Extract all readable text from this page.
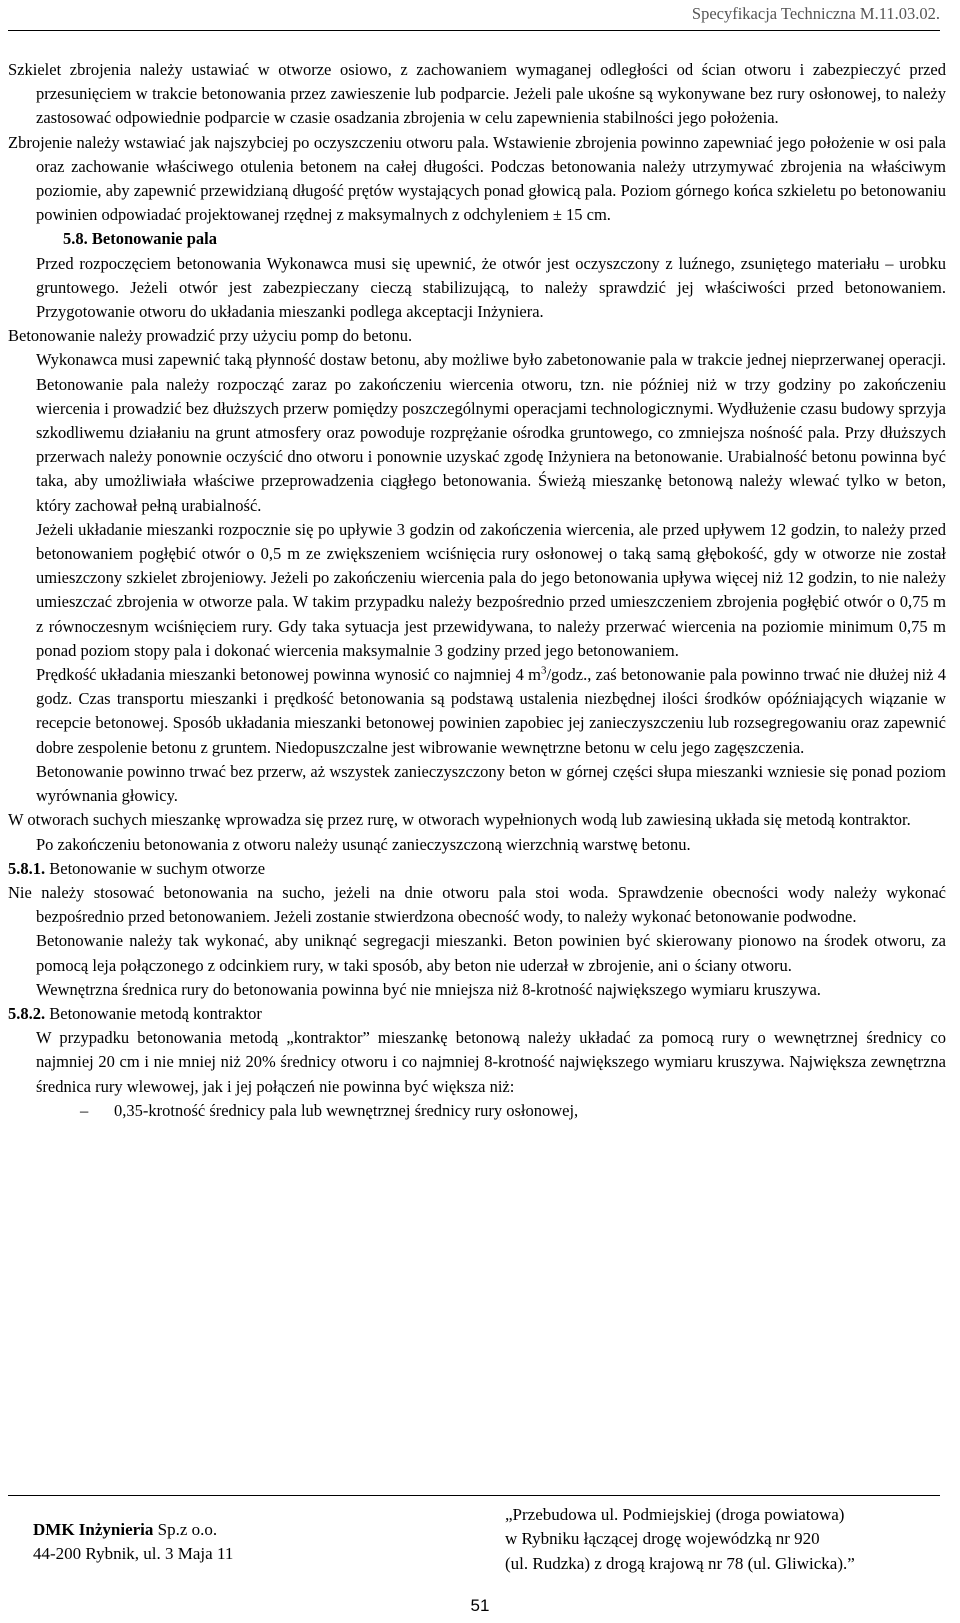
Specyfikacja Techniczna M.11.03.02.

Szkielet zbrojenia należy ustawiać w otworze osiowo, z zachowaniem wymaganej odległości od ścian otworu i zabezpieczyć przed przesunięciem w trakcie betonowania przez zawieszenie lub podparcie. Jeżeli pale ukośne są wykonywane bez rury osłonowej, to należy zastosować odpowiednie podparcie w czasie osadzania zbrojenia w celu zapewnienia stabilności jego położenia.

Zbrojenie należy wstawiać jak najszybciej po oczyszczeniu otworu pala. Wstawienie zbrojenia powinno zapewniać jego położenie w osi pala oraz zachowanie właściwego otulenia betonem na całej długości. Podczas betonowania należy utrzymywać zbrojenia na właściwym poziomie, aby zapewnić przewidzianą długość prętów wystających ponad głowicą pala. Poziom górnego końca szkieletu po betonowaniu powinien odpowiadać projektowanej rzędnej z maksymalnych z odchyleniem ± 15 cm.

5.8. Betonowanie pala

Przed rozpoczęciem betonowania Wykonawca musi się upewnić, że otwór jest oczyszczony z luźnego, zsuniętego materiału – urobku gruntowego. Jeżeli otwór jest zabezpieczany cieczą stabilizującą, to należy sprawdzić jej właściwości przed betonowaniem. Przygotowanie otworu do układania mieszanki podlega akceptacji Inżyniera.

Betonowanie należy prowadzić przy użyciu pomp do betonu.

Wykonawca musi zapewnić taką płynność dostaw betonu, aby możliwe było zabetonowanie pala w trakcie jednej nieprzerwanej operacji. Betonowanie pala należy rozpocząć zaraz po zakończeniu wiercenia otworu, tzn. nie później niż w trzy godziny po zakończeniu wiercenia i prowadzić bez dłuższych przerw pomiędzy poszczególnymi operacjami technologicznymi. Wydłużenie czasu budowy sprzyja szkodliwemu działaniu na grunt atmosfery oraz powoduje rozprężanie ośrodka gruntowego, co zmniejsza nośność pala. Przy dłuższych przerwach należy ponownie oczyścić dno otworu i ponownie uzyskać zgodę Inżyniera na betonowanie. Urabialność betonu powinna być taka, aby umożliwiała właściwe przeprowadzenia ciągłego betonowania. Świeżą mieszankę betonową należy wlewać tylko w beton, który zachował pełną urabialność.

Jeżeli układanie mieszanki rozpocznie się po upływie 3 godzin od zakończenia wiercenia, ale przed upływem 12 godzin, to należy przed betonowaniem pogłębić otwór o 0,5 m ze zwiększeniem wciśnięcia rury osłonowej o taką samą głębokość, gdy w otworze nie został umieszczony szkielet zbrojeniowy. Jeżeli po zakończeniu wiercenia pala do jego betonowania upływa więcej niż 12 godzin, to nie należy umieszczać zbrojenia w otworze pala. W takim przypadku należy bezpośrednio przed umieszczeniem zbrojenia pogłębić otwór o 0,75 m z równoczesnym wciśnięciem rury. Gdy taka sytuacja jest przewidywana, to należy przerwać wiercenia na poziomie minimum 0,75 m ponad poziom stopy pala i dokonać wiercenia maksymalnie 3 godziny przed jego betonowaniem.

Prędkość układania mieszanki betonowej powinna wynosić co najmniej 4 $m^3$/godz., zaś betonowanie pala powinno trwać nie dłużej niż 4 godz. Czas transportu mieszanki i prędkość betonowania są podstawą ustalenia niezbędnej ilości środków opóźniających wiązanie w recepcie betonowej. Sposób układania mieszanki betonowej powinien zapobiec jej zanieczyszczeniu lub rozsegregowaniu oraz zapewnić dobre zespolenie betonu z gruntem. Niedopuszczalne jest wibrowanie wewnętrzne betonu w celu jego zagęszczenia.

Betonowanie powinno trwać bez przerw, aż wszystek zanieczyszczony beton w górnej części słupa mieszanki wzniesie się ponad poziom wyrównania głowicy.

W otworach suchych mieszankę wprowadza się przez rurę, w otworach wypełnionych wodą lub zawiesiną układa się metodą kontraktor.

Po zakończeniu betonowania z otworu należy usunąć zanieczyszczoną wierzchnią warstwę betonu.

5.8.1. Betonowanie w suchym otworze

Nie należy stosować betonowania na sucho, jeżeli na dnie otworu pala stoi woda. Sprawdzenie obecności wody należy wykonać bezpośrednio przed betonowaniem. Jeżeli zostanie stwierdzona obecność wody, to należy wykonać betonowanie podwodne.

Betonowanie należy tak wykonać, aby uniknąć segregacji mieszanki. Beton powinien być skierowany pionowo na środek otworu, za pomocą leja połączonego z odcinkiem rury, w taki sposób, aby beton nie uderzał w zbrojenie, ani o ściany otworu.

Wewnętrzna średnica rury do betonowania powinna być nie mniejsza niż 8-krotność największego wymiaru kruszywa.

5.8.2. Betonowanie metodą kontraktor

W przypadku betonowania metodą „kontraktor” mieszankę betonową należy układać za pomocą rury o wewnętrznej średnicy co najmniej 20 cm i nie mniej niż 20% średnicy otworu i co najmniej 8-krotność największego wymiaru kruszywa. Największa zewnętrzna średnica rury wlewowej, jak i jej połączeń nie powinna być większa niż:

–	0,35-krotność średnicy pala lub wewnętrznej średnicy rury osłonowej,
DMK Inżynieria Sp.z o.o.
44-200 Rybnik, ul. 3 Maja 11
„Przebudowa ul. Podmiejskiej (droga powiatowa)
w Rybniku łączącej drogę wojewódzką nr 920
(ul. Rudzka) z drogą krajową nr 78 (ul. Gliwicka).”
51
